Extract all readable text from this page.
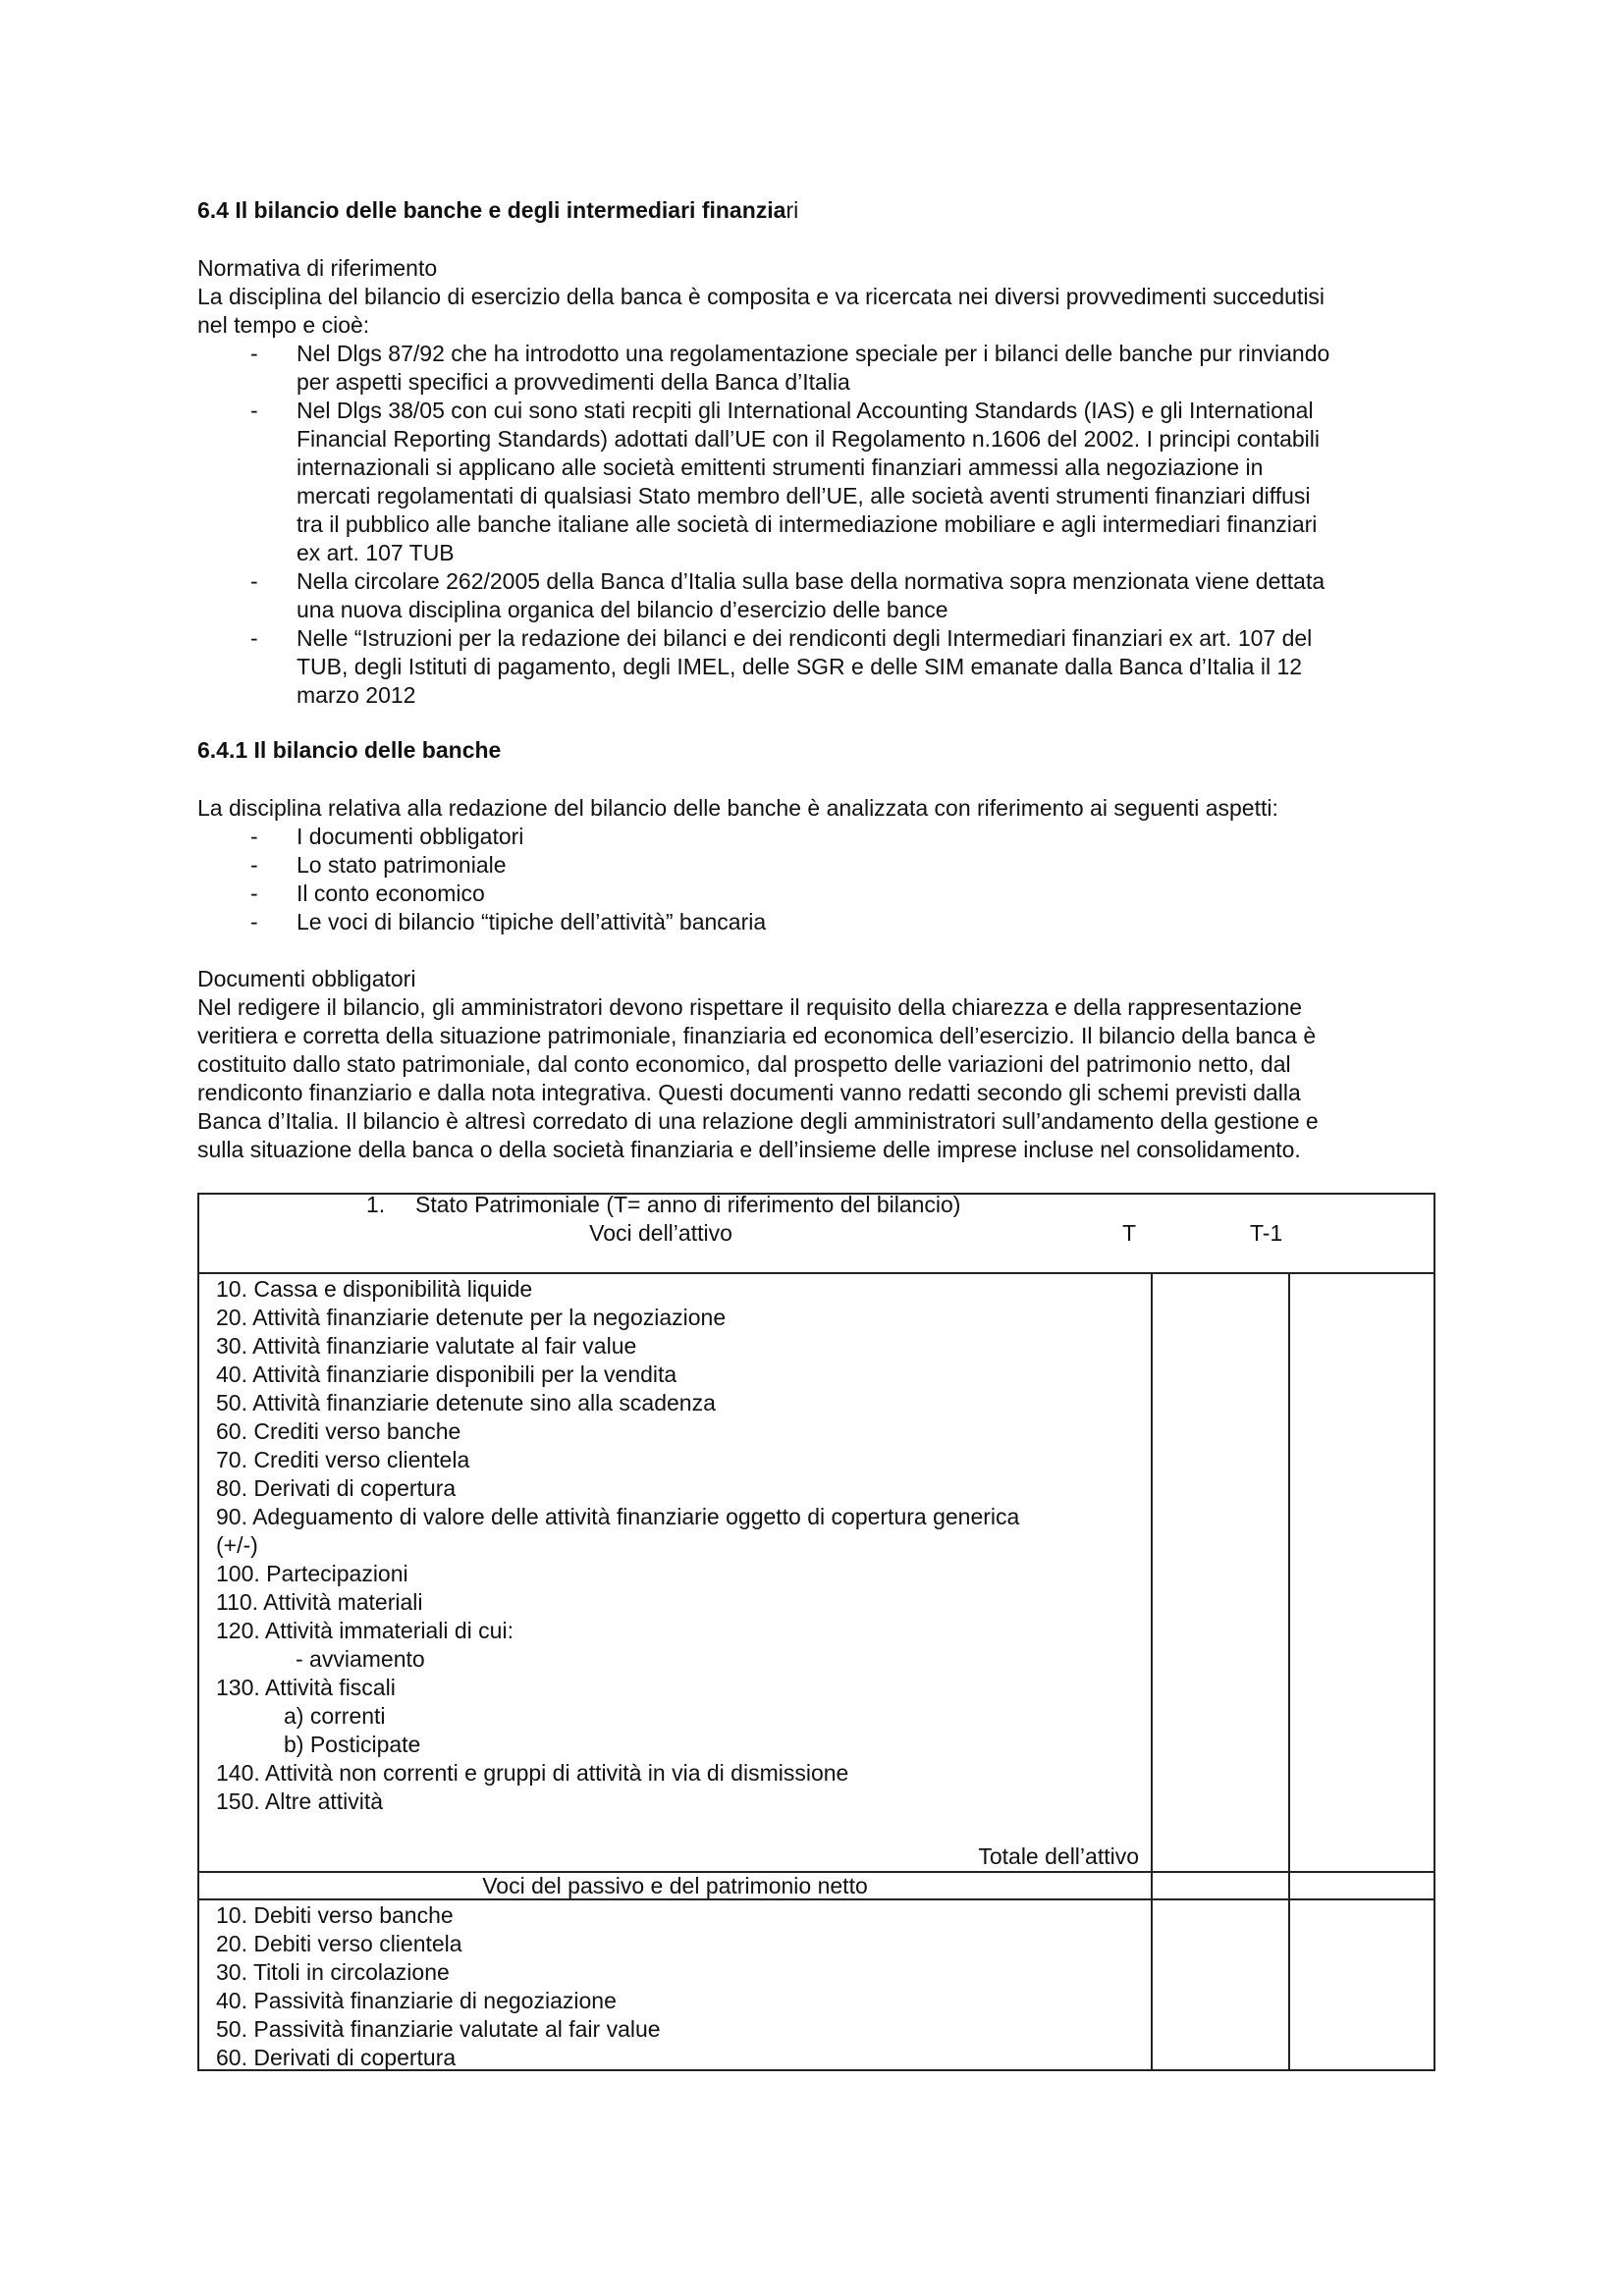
6.4 Il bilancio delle banche e degli intermediari finanziari
Normativa di riferimento
6.4.1 Il bilancio delle banche
La disciplina relativa alla redazione del bilancio delle banche è analizzata con riferimento ai seguenti aspetti:
Documenti obbligatori
1. Stato Patrimoniale (T= anno di riferimento del bilancio)
Voci dell’attivo	T	T-1
Totale dell’attivo
Voci del passivo e del patrimonio netto
10. Cassa e disponibilità liquide
20. Attività finanziarie detenute per la negoziazione
30. Attività finanziarie valutate al fair value
40. Attività finanziarie disponibili per la vendita
50. Attività finanziarie detenute sino alla scadenza
60. Crediti verso banche
70. Crediti verso clientela
80. Derivati di copertura
90. Adeguamento di valore delle attività finanziarie oggetto di copertura generica
(+/-)
100. Partecipazioni
110. Attività materiali
120. Attività immateriali di cui:
- avviamento
130. Attività fiscali
a) correnti
b) Posticipate
140. Attività non correnti e gruppi di attività in via di dismissione
150. Altre attività
10. Debiti verso banche
20. Debiti verso clientela
30. Titoli in circolazione
40. Passività finanziarie di negoziazione
50. Passività finanziarie valutate al fair value
60. Derivati di copertura
La disciplina del bilancio di esercizio della banca è composita e va ricercata nei diversi provvedimenti succedutisi
nel tempo e cioè:
- Nel Dlgs 87/92 che ha introdotto una regolamentazione speciale per i bilanci delle banche pur rinviando
per aspetti specifici a provvedimenti della Banca d’Italia
- Nel Dlgs 38/05 con cui sono stati recpiti gli International Accounting Standards (IAS) e gli International
Financial Reporting Standards) adottati dall’UE con il Regolamento n.1606 del 2002. I principi contabili
internazionali si applicano alle società emittenti strumenti finanziari ammessi alla negoziazione in
mercati regolamentati di qualsiasi Stato membro dell’UE, alle società aventi strumenti finanziari diffusi
tra il pubblico alle banche italiane alle società di intermediazione mobiliare e agli intermediari finanziari
ex art. 107 TUB
- Nella circolare 262/2005 della Banca d’Italia sulla base della normativa sopra menzionata viene dettata
una nuova disciplina organica del bilancio d’esercizio delle bance
- Nelle “Istruzioni per la redazione dei bilanci e dei rendiconti degli Intermediari finanziari ex art. 107 del
TUB, degli Istituti di pagamento, degli IMEL, delle SGR e delle SIM emanate dalla Banca d’Italia il 12
marzo 2012
- I documenti obbligatori
- Lo stato patrimoniale
- Il conto economico
- Le voci di bilancio “tipiche dell’attività” bancaria
Nel redigere il bilancio, gli amministratori devono rispettare il requisito della chiarezza e della rappresentazione
veritiera e corretta della situazione patrimoniale, finanziaria ed economica dell’esercizio. Il bilancio della banca è
costituito dallo stato patrimoniale, dal conto economico, dal prospetto delle variazioni del patrimonio netto, dal
rendiconto finanziario e dalla nota integrativa. Questi documenti vanno redatti secondo gli schemi previsti dalla
Banca d’Italia. Il bilancio è altresì corredato di una relazione degli amministratori sull’andamento della gestione e
sulla situazione della banca o della società finanziaria e dell’insieme delle imprese incluse nel consolidamento.
